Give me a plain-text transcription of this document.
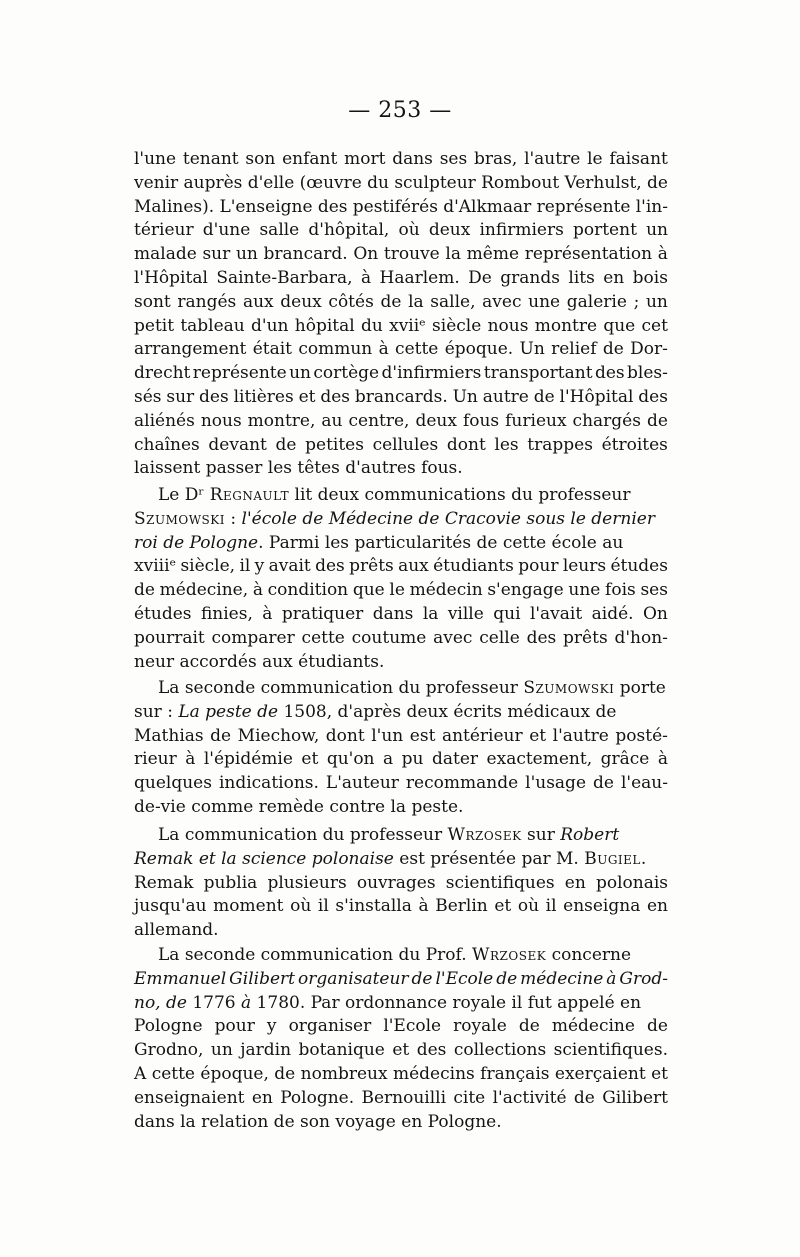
— 253 —
l'une tenant son enfant mort dans ses bras, l'autre le faisant
venir auprès d'elle (œuvre du sculpteur Rombout Verhulst, de
Malines). L'enseigne des pestiférés d'Alkmaar représente l'in-
térieur d'une salle d'hôpital, où deux infirmiers portent un
malade sur un brancard. On trouve la même représentation à
l'Hôpital Sainte-Barbara, à Haarlem. De grands lits en bois
sont rangés aux deux côtés de la salle, avec une galerie ; un
petit tableau d'un hôpital du xviiᵉ siècle nous montre que cet
arrangement était commun à cette époque. Un relief de Dor-
drecht représente un cortège d'infirmiers transportant des bles-
sés sur des litières et des brancards. Un autre de l'Hôpital des
aliénés nous montre, au centre, deux fous furieux chargés de
chaînes devant de petites cellules dont les trappes étroites
laissent passer les têtes d'autres fous.
Le Dʳ Regnault lit deux communications du professeur
Szumowski : l'école de Médecine de Cracovie sous le dernier
roi de Pologne. Parmi les particularités de cette école au
xviiiᵉ siècle, il y avait des prêts aux étudiants pour leurs études
de médecine, à condition que le médecin s'engage une fois ses
études finies, à pratiquer dans la ville qui l'avait aidé. On
pourrait comparer cette coutume avec celle des prêts d'hon-
neur accordés aux étudiants.
La seconde communication du professeur Szumowski porte
sur : La peste de 1508, d'après deux écrits médicaux de
Mathias de Miechow, dont l'un est antérieur et l'autre posté-
rieur à l'épidémie et qu'on a pu dater exactement, grâce à
quelques indications. L'auteur recommande l'usage de l'eau-
de-vie comme remède contre la peste.
La communication du professeur Wrzosek sur Robert
Remak et la science polonaise est présentée par M. Bugiel.
Remak publia plusieurs ouvrages scientifiques en polonais
jusqu'au moment où il s'installa à Berlin et où il enseigna en
allemand.
La seconde communication du Prof. Wrzosek concerne
Emmanuel Gilibert organisateur de l'Ecole de médecine à Grod-
no, de 1776 à 1780. Par ordonnance royale il fut appelé en
Pologne pour y organiser l'Ecole royale de médecine de
Grodno, un jardin botanique et des collections scientifiques.
A cette époque, de nombreux médecins français exerçaient et
enseignaient en Pologne. Bernouilli cite l'activité de Gilibert
dans la relation de son voyage en Pologne.
